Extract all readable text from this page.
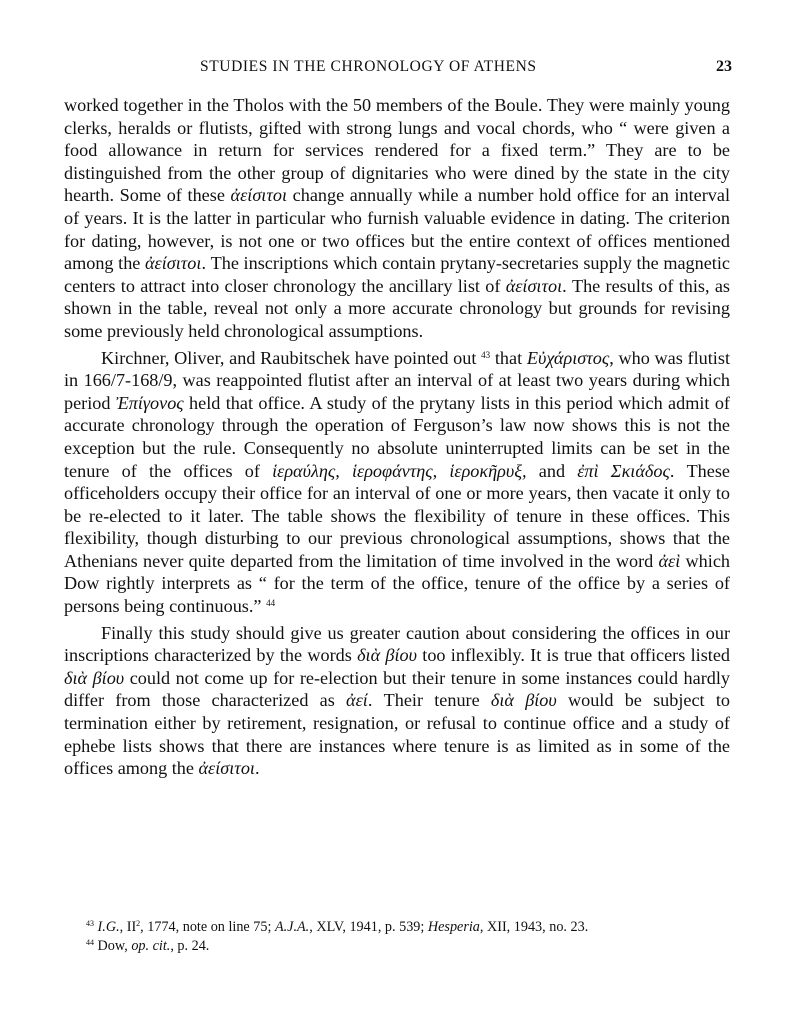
STUDIES IN THE CHRONOLOGY OF ATHENS	23

worked together in the Tholos with the 50 members of the Boule. They were mainly young clerks, heralds or flutists, gifted with strong lungs and vocal chords, who “ were given a food allowance in return for services rendered for a fixed term.” They are to be distinguished from the other group of dignitaries who were dined by the state in the city hearth. Some of these ἀείσιτοι change annually while a number hold office for an interval of years. It is the latter in particular who furnish valuable evidence in dating. The criterion for dating, however, is not one or two offices but the entire context of offices mentioned among the ἀείσιτοι. The inscriptions which contain prytany-secretaries supply the magnetic centers to attract into closer chronology the ancillary list of ἀείσιτοι. The results of this, as shown in the table, reveal not only a more accurate chronology but grounds for revising some previously held chronological assumptions.

Kirchner, Oliver, and Raubitschek have pointed out $^{43}$ that Εὐχάριστος, who was flutist in 166/7-168/9, was reappointed flutist after an interval of at least two years during which period Ἐπίγονος held that office. A study of the prytany lists in this period which admit of accurate chronology through the operation of Ferguson’s law now shows this is not the exception but the rule. Consequently no absolute uninterrupted limits can be set in the tenure of the offices of ἱεραύλης, ἱεροφάντης, ἱεροκῆρυξ, and ἐπὶ Σκιάδος. These officeholders occupy their office for an interval of one or more years, then vacate it only to be re-elected to it later. The table shows the flexibility of tenure in these offices. This flexibility, though disturbing to our previous chronological assumptions, shows that the Athenians never quite departed from the limitation of time involved in the word ἀεὶ which Dow rightly interprets as “ for the term of the office, tenure of the office by a series of persons being continuous.” $^{44}$

Finally this study should give us greater caution about considering the offices in our inscriptions characterized by the words διὰ βίου too inflexibly. It is true that officers listed διὰ βίου could not come up for re-election but their tenure in some instances could hardly differ from those characterized as ἀεί. Their tenure διὰ βίου would be subject to termination either by retirement, resignation, or refusal to continue office and a study of ephebe lists shows that there are instances where tenure is as limited as in some of the offices among the ἀείσιτοι.

$^{43}$ I.G., $II^2$, 1774, note on line 75; A.J.A., XLV, 1941, p. 539; Hesperia, XII, 1943, no. 23.

$^{44}$ Dow, op. cit., p. 24.
